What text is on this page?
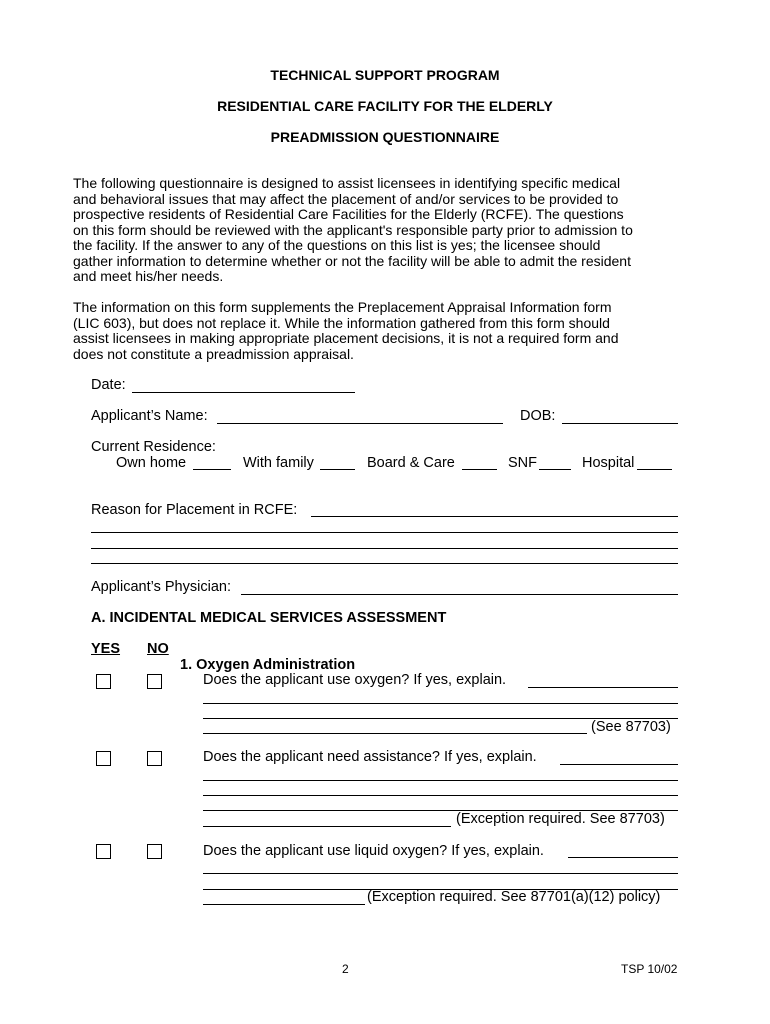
TECHNICAL SUPPORT PROGRAM
RESIDENTIAL CARE FACILITY FOR THE ELDERLY
PREADMISSION QUESTIONNAIRE
The following questionnaire is designed to assist licensees in identifying specific medical
and behavioral issues that may affect the placement of and/or services to be provided to
prospective residents of Residential Care Facilities for the Elderly (RCFE). The questions
on this form should be reviewed with the applicant's responsible party prior to admission to
the facility. If the answer to any of the questions on this list is yes; the licensee should
gather information to determine whether or not the facility will be able to admit the resident
and meet his/her needs.
The information on this form supplements the Preplacement Appraisal Information form
(LIC 603), but does not replace it. While the information gathered from this form should
assist licensees in making appropriate placement decisions, it is not a required form and
does not constitute a preadmission appraisal.
Date:
Applicant’s Name:	DOB:
Current Residence:
Own home	With family	Board & Care	SNF	Hospital
Reason for Placement in RCFE:
Applicant’s Physician:
A. INCIDENTAL MEDICAL SERVICES ASSESSMENT
YES NO
1. Oxygen Administration
Does the applicant use oxygen? If yes, explain.
(See 87703)
Does the applicant need assistance? If yes, explain.
(Exception required. See 87703)
Does the applicant use liquid oxygen? If yes, explain.
(Exception required. See 87701(a)(12) policy)
2	TSP 10/02
